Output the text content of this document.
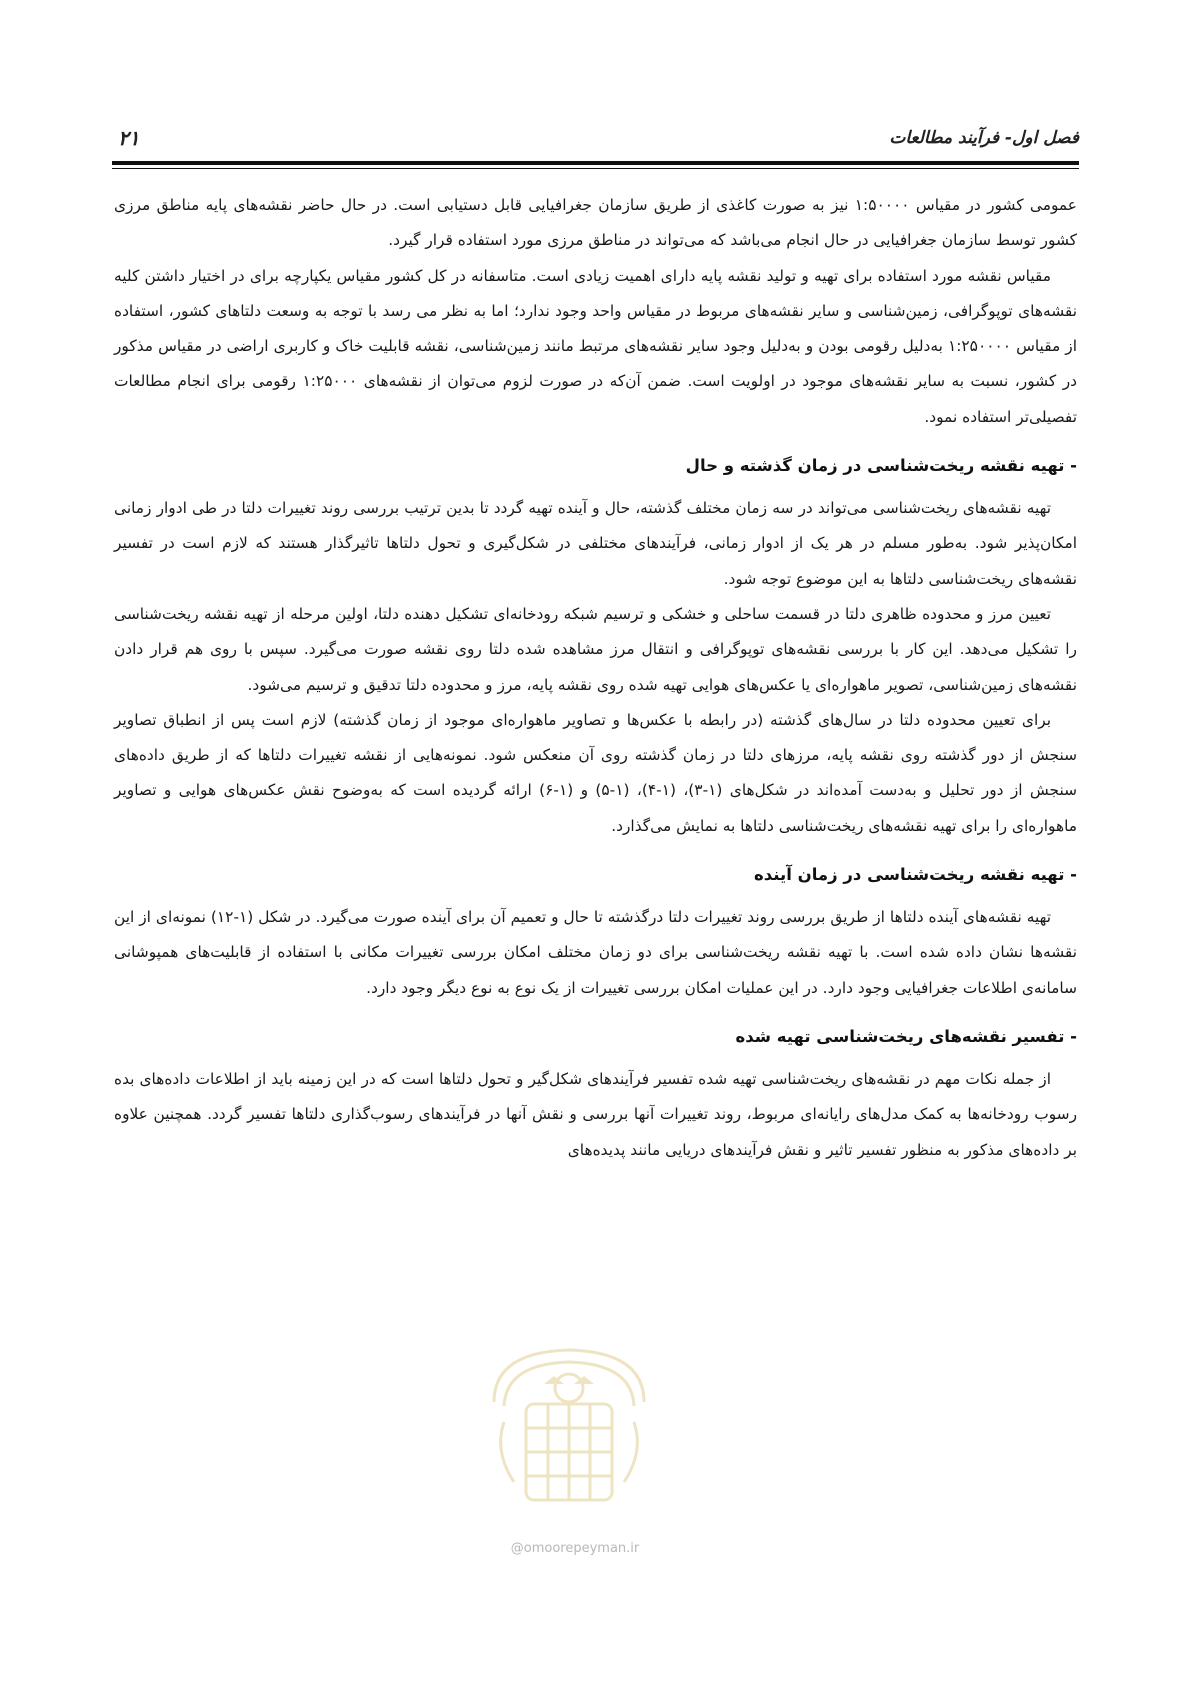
فصل اول- فرآیند مطالعات
۲۱

عمومی کشور در مقیاس ۱:۵۰۰۰۰ نیز به صورت کاغذی از طریق سازمان جغرافیایی قابل دستیابی است. در حال حاضر نقشه‌های پایه مناطق مرزی کشور توسط سازمان جغرافیایی در حال انجام می‌باشد که می‌تواند در مناطق مرزی مورد استفاده قرار گیرد.

مقیاس نقشه مورد استفاده برای تهیه و تولید نقشه پایه دارای اهمیت زیادی است. متاسفانه در کل کشور مقیاس یکپارچه برای در اختیار داشتن کلیه نقشه‌های توپوگرافی، زمین‌شناسی و سایر نقشه‌های مربوط در مقیاس واحد وجود ندارد؛ اما به نظر می رسد با توجه به وسعت دلتاهای کشور، استفاده از مقیاس ۱:۲۵۰۰۰۰ به‌دلیل رقومی بودن و به‌دلیل وجود سایر نقشه‌های مرتبط مانند زمین‌شناسی، نقشه قابلیت خاک و کاربری اراضی در مقیاس مذکور در کشور، نسبت به سایر نقشه‌های موجود در اولویت است. ضمن آن‌که در صورت لزوم می‌توان از نقشه‌های ۱:۲۵۰۰۰ رقومی برای انجام مطالعات تفصیلی‌تر استفاده نمود.

- تهیه نقشه ریخت‌شناسی در زمان گذشته و حال

تهیه نقشه‌های ریخت‌شناسی می‌تواند در سه زمان مختلف گذشته، حال و آینده تهیه گردد تا بدین ترتیب بررسی روند تغییرات دلتا در طی ادوار زمانی امکان‌پذیر شود. به‌طور مسلم در هر یک از ادوار زمانی، فرآیندهای مختلفی در شکل‌گیری و تحول دلتاها تاثیرگذار هستند که لازم است در تفسیر نقشه‌های ریخت‌شناسی دلتاها به این موضوع توجه شود.

تعیین مرز و محدوده ظاهری دلتا در قسمت ساحلی و خشکی و ترسیم شبکه رودخانه‌ای تشکیل دهنده دلتا، اولین مرحله از تهیه نقشه ریخت‌شناسی را تشکیل می‌دهد. این کار با بررسی نقشه‌های توپوگرافی و انتقال مرز مشاهده شده دلتا روی نقشه صورت می‌گیرد. سپس با روی هم قرار دادن نقشه‌های زمین‌شناسی، تصویر ماهواره‌ای یا عکس‌های هوایی تهیه شده روی نقشه پایه، مرز و محدوده دلتا تدقیق و ترسیم می‌شود.

برای تعیین محدوده دلتا در سال‌های گذشته (در رابطه با عکس‌ها و تصاویر ماهواره‌ای موجود از زمان گذشته) لازم است پس از انطباق تصاویر سنجش از دور گذشته روی نقشه پایه، مرزهای دلتا در زمان گذشته روی آن منعکس شود. نمونه‌هایی از نقشه تغییرات دلتاها که از طریق داده‌های سنجش از دور تحلیل و به‌دست آمده‌اند در شکل‌های (۱-۳)، (۱-۴)، (۱-۵) و (۱-۶) ارائه گردیده است که به‌وضوح نقش عکس‌های هوایی و تصاویر ماهواره‌ای را برای تهیه نقشه‌های ریخت‌شناسی دلتاها به نمایش می‌گذارد.

- تهیه نقشه ریخت‌شناسی در زمان آینده

تهیه نقشه‌های آینده دلتاها از طریق بررسی روند تغییرات دلتا درگذشته تا حال و تعمیم آن برای آینده صورت می‌گیرد. در شکل (۱-۱۲) نمونه‌ای از این نقشه‌ها نشان داده شده است. با تهیه نقشه ریخت‌شناسی برای دو زمان مختلف امکان بررسی تغییرات مکانی با استفاده از قابلیت‌های همپوشانی سامانه‌ی اطلاعات جغرافیایی وجود دارد. در این عملیات امکان بررسی تغییرات از یک نوع به نوع دیگر وجود دارد.

- تفسیر نقشه‌های ریخت‌شناسی تهیه شده

از جمله نکات مهم در نقشه‌های ریخت‌شناسی تهیه شده تفسیر فرآیندهای شکل‌گیر و تحول دلتاها است که در این زمینه باید از اطلاعات داده‌های بده رسوب رودخانه‌ها به کمک مدل‌های رایانه‌ای مربوط، روند تغییرات آنها بررسی و نقش آنها در فرآیندهای رسوب‌گذاری دلتاها تفسیر گردد. همچنین علاوه بر داده‌های مذکور به منظور تفسیر تاثیر و نقش فرآیندهای دریایی مانند پدیده‌های

@omoorepeyman.ir
